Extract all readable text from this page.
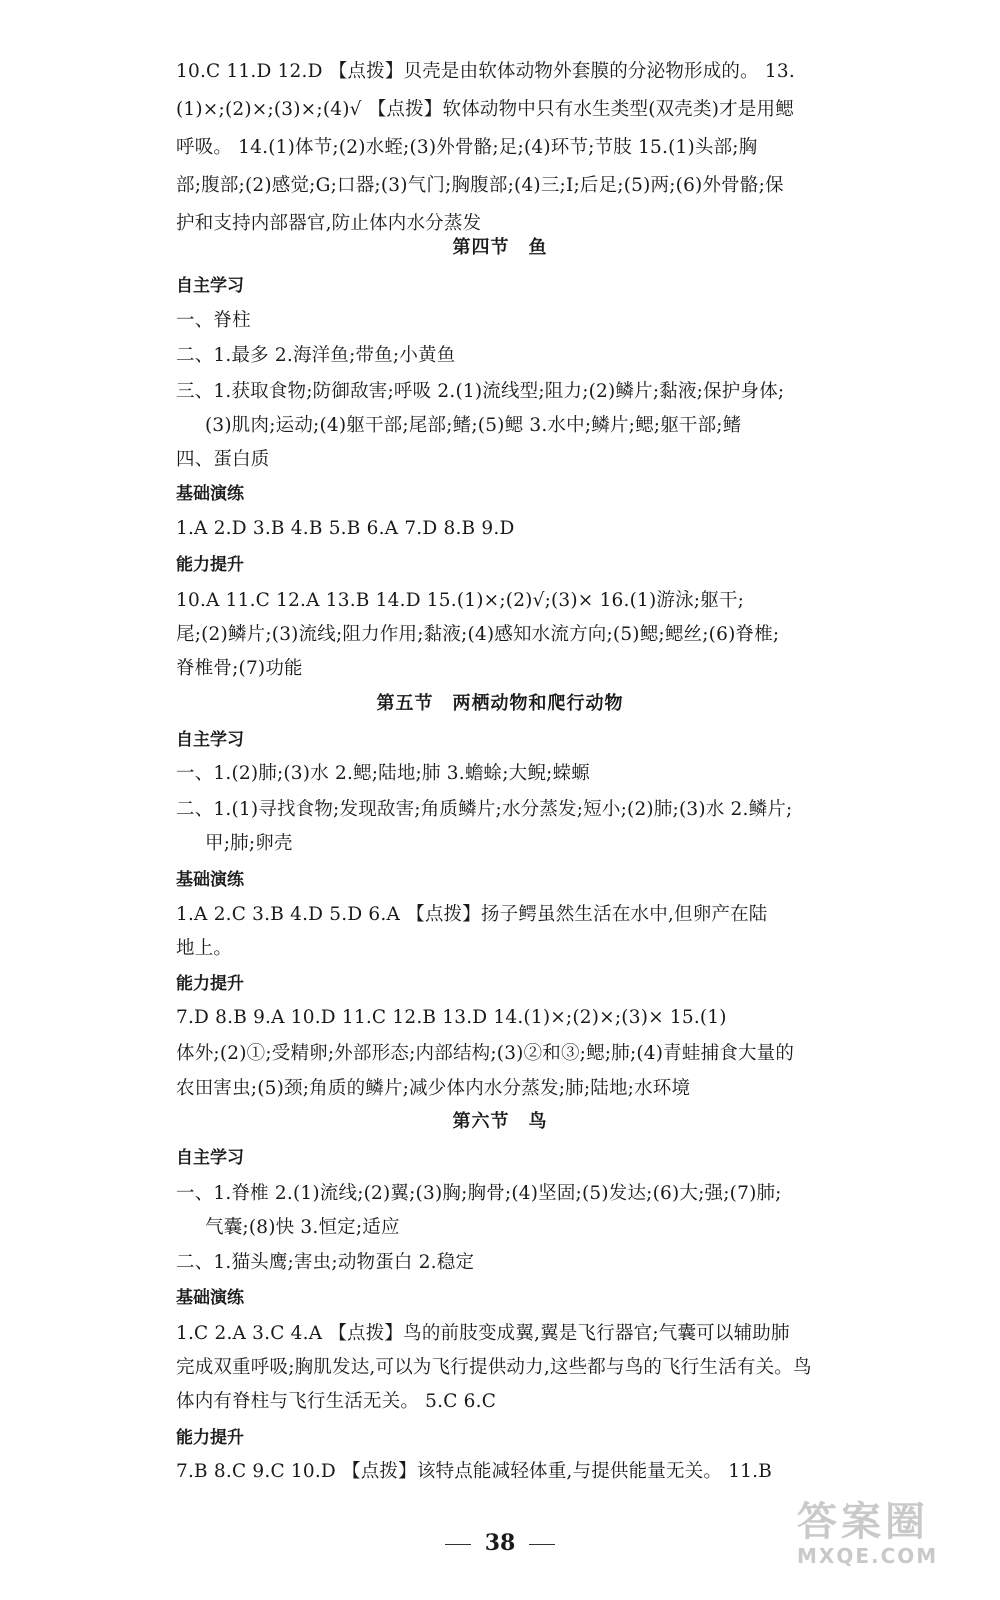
10.C 11.D 12.D 【点拨】贝壳是由软体动物外套膜的分泌物形成的。 13.
(1)×;(2)×;(3)×;(4)√ 【点拨】软体动物中只有水生类型(双壳类)才是用鳃
呼吸。 14.(1)体节;(2)水蛭;(3)外骨骼;足;(4)环节;节肢 15.(1)头部;胸
部;腹部;(2)感觉;G;口器;(3)气门;胸腹部;(4)三;Ⅰ;后足;(5)两;(6)外骨骼;保
护和支持内部器官,防止体内水分蒸发
第四节　鱼
自主学习
一、脊柱
二、1.最多 2.海洋鱼;带鱼;小黄鱼
三、1.获取食物;防御敌害;呼吸 2.(1)流线型;阻力;(2)鳞片;黏液;保护身体;
(3)肌肉;运动;(4)躯干部;尾部;鳍;(5)鳃 3.水中;鳞片;鳃;躯干部;鳍
四、蛋白质
基础演练
1.A 2.D 3.B 4.B 5.B 6.A 7.D 8.B 9.D
能力提升
10.A 11.C 12.A 13.B 14.D 15.(1)×;(2)√;(3)× 16.(1)游泳;躯干;
尾;(2)鳞片;(3)流线;阻力作用;黏液;(4)感知水流方向;(5)鳃;鳃丝;(6)脊椎;
脊椎骨;(7)功能
第五节　两栖动物和爬行动物
自主学习
一、1.(2)肺;(3)水 2.鳃;陆地;肺 3.蟾蜍;大鲵;蝾螈
二、1.(1)寻找食物;发现敌害;角质鳞片;水分蒸发;短小;(2)肺;(3)水 2.鳞片;
甲;肺;卵壳
基础演练
1.A 2.C 3.B 4.D 5.D 6.A 【点拨】扬子鳄虽然生活在水中,但卵产在陆
地上。
能力提升
7.D 8.B 9.A 10.D 11.C 12.B 13.D 14.(1)×;(2)×;(3)× 15.(1)
体外;(2)①;受精卵;外部形态;内部结构;(3)②和③;鳃;肺;(4)青蛙捕食大量的
农田害虫;(5)颈;角质的鳞片;减少体内水分蒸发;肺;陆地;水环境
第六节　鸟
自主学习
一、1.脊椎 2.(1)流线;(2)翼;(3)胸;胸骨;(4)坚固;(5)发达;(6)大;强;(7)肺;
气囊;(8)快 3.恒定;适应
二、1.猫头鹰;害虫;动物蛋白 2.稳定
基础演练
1.C 2.A 3.C 4.A 【点拨】鸟的前肢变成翼,翼是飞行器官;气囊可以辅助肺
完成双重呼吸;胸肌发达,可以为飞行提供动力,这些都与鸟的飞行生活有关。鸟
体内有脊柱与飞行生活无关。 5.C 6.C
能力提升
7.B 8.C 9.C 10.D 【点拨】该特点能减轻体重,与提供能量无关。 11.B
38	答案圈
MXQE.COM
